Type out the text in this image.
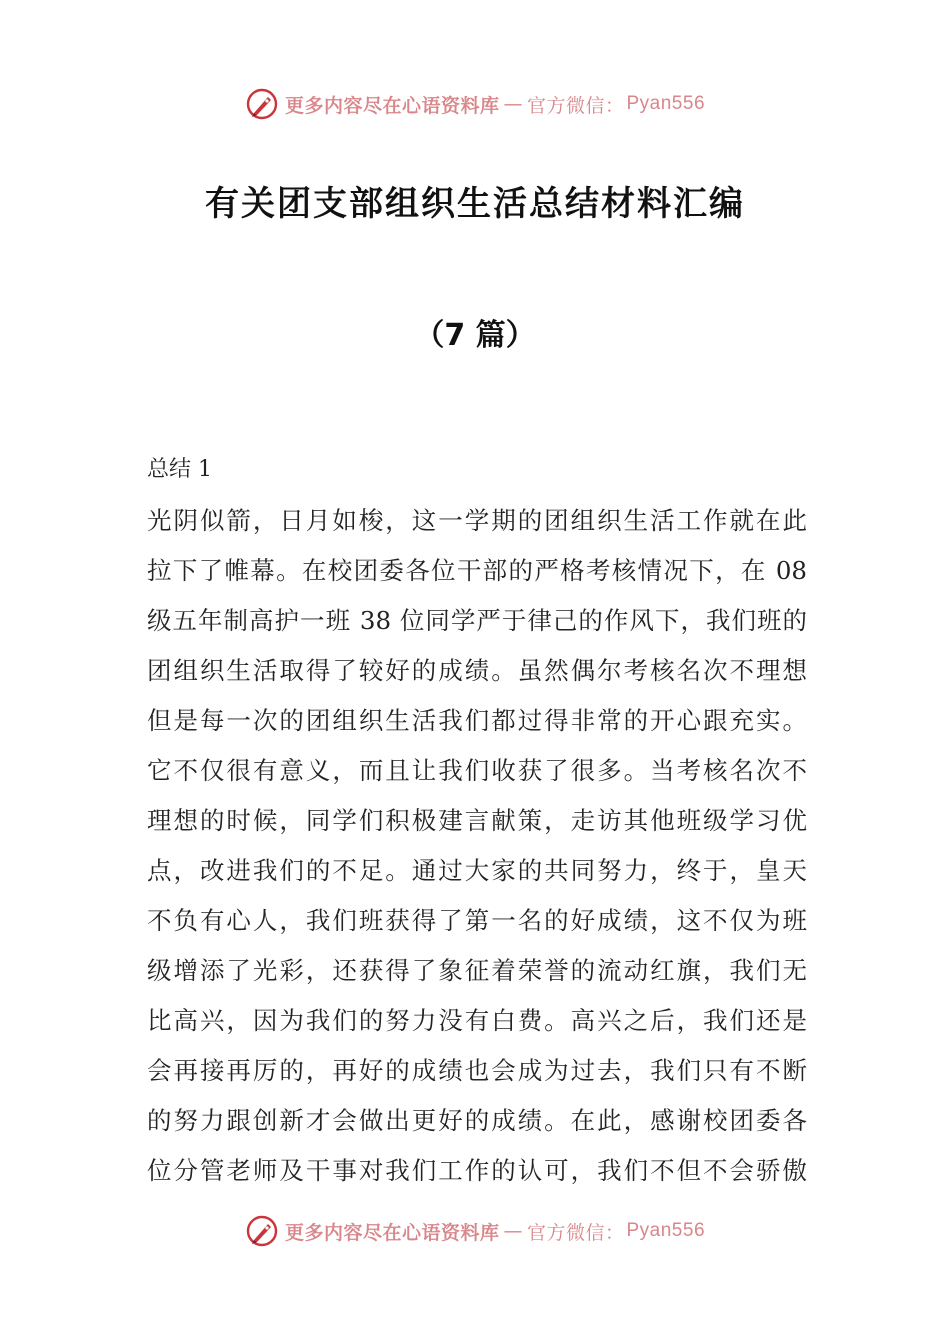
更多内容尽在心语资料库 — 官方微信： Pyan556
有关团支部组织生活总结材料汇编
（7 篇）
总结 1
光阴似箭，日月如梭，这一学期的团组织生活工作就在此
拉下了帷幕。在校团委各位干部的严格考核情况下，在 08
级五年制高护一班 38 位同学严于律己的作风下，我们班的
团组织生活取得了较好的成绩。虽然偶尔考核名次不理想
但是每一次的团组织生活我们都过得非常的开心跟充实。
它不仅很有意义，而且让我们收获了很多。当考核名次不
理想的时候，同学们积极建言献策，走访其他班级学习优
点，改进我们的不足。通过大家的共同努力，终于，皇天
不负有心人，我们班获得了第一名的好成绩，这不仅为班
级增添了光彩，还获得了象征着荣誉的流动红旗，我们无
比高兴，因为我们的努力没有白费。高兴之后，我们还是
会再接再厉的，再好的成绩也会成为过去，我们只有不断
的努力跟创新才会做出更好的成绩。在此，感谢校团委各
位分管老师及干事对我们工作的认可，我们不但不会骄傲
更多内容尽在心语资料库 — 官方微信： Pyan556
